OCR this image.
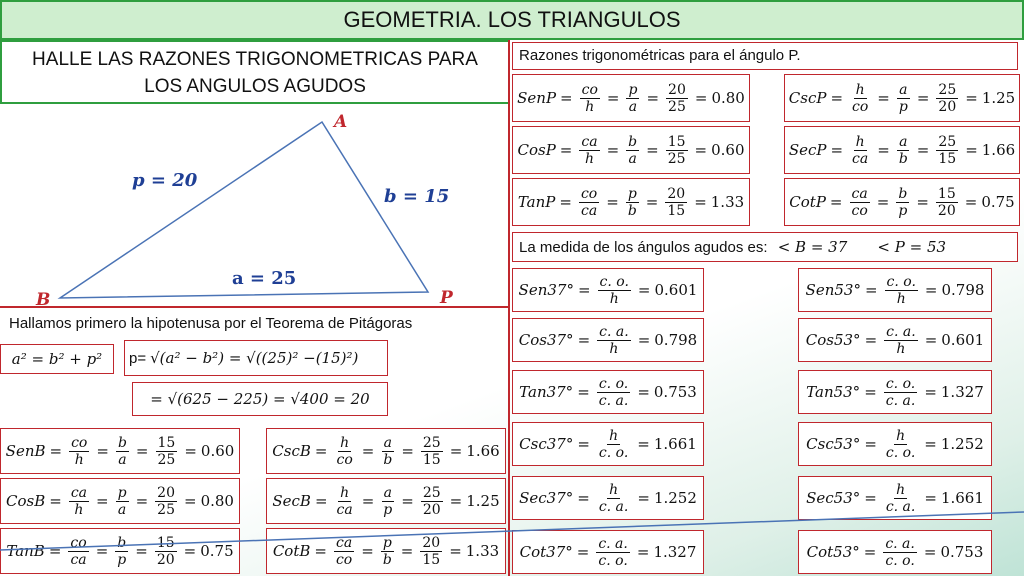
GEOMETRIA. LOS TRIANGULOS
HALLE LAS RAZONES TRIGONOMETRICAS PARA LOS ANGULOS AGUDOS
A
B	P
p = 20
b = 15
a = 25
Hallamos primero la hipotenusa por el Teorema de Pitágoras
a² = b² + p² p= √(a² − b²) = √((25)² −(15)²)
= √(625 − 225) = √400 = 20
Razones trigonométricas para el ángulo P.
La medida de los ángulos agudos es: < B = 37 < P = 53
SenP = $\frac{co}{h} = \frac{p}{a} = \frac{20}{25} = 0.80$
CosP = $\frac{ca}{h} = \frac{b}{a} = \frac{15}{25} = 0.60$
TanP = $\frac{co}{ca} = \frac{p}{b} = \frac{20}{15} = 1.33$
CscP = $\frac{h}{co} = \frac{a}{p} = \frac{25}{20} = 1.25$
SecP = $\frac{h}{ca} = \frac{a}{b} = \frac{25}{15} = 1.66$
CotP = $\frac{ca}{co} = \frac{b}{p} = \frac{15}{20} = 0.75$
SenB = $\frac{co}{h} = \frac{b}{a} = \frac{15}{25} = 0.60$
CosB = $\frac{ca}{h} = \frac{p}{a} = \frac{20}{25} = 0.80$
TanB = $\frac{co}{ca} = \frac{b}{p} = \frac{15}{20} = 0.75$
CscB = $\frac{h}{co} = \frac{a}{b} = \frac{25}{15} = 1.66$
SecB = $\frac{h}{ca} = \frac{a}{p} = \frac{25}{20} = 1.25$
CotB = $\frac{ca}{co} = \frac{p}{b} = \frac{20}{15} = 1.33$
$Sen37^\circ = \frac{c. o.}{h} = 0.601$
$Cos37^\circ = \frac{c. a.}{h} = 0.798$
$Tan37^\circ = \frac{c. o.}{c. a.} = 0.753$
$Csc37^\circ = \frac{h}{c. o.} = 1.661$
$Sec37^\circ = \frac{h}{c. a.} = 1.252$
$Cot37^\circ = \frac{c. a.}{c. o.} = 1.327$
$Sen53^\circ = \frac{c. o.}{h} = 0.798$
$Cos53^\circ = \frac{c. a.}{h} = 0.601$
$Tan53^\circ = \frac{c. o.}{c. a.} = 1.327$
$Csc53^\circ = \frac{h}{c. o.} = 1.252$
$Sec53^\circ = \frac{h}{c. a.} = 1.661$
$Cot53^\circ = \frac{c. a.}{c. o.} = 0.753$
